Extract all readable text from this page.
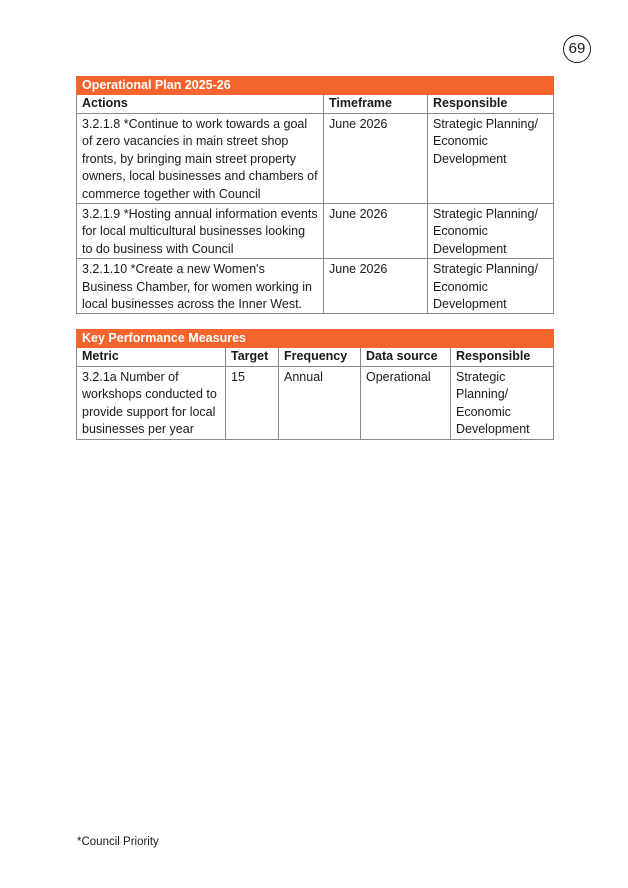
69
Operational Plan 2025-26		
Actions	Timeframe	Responsible
3.2.1.8 *Continue to work towards a goal of zero vacancies in main street shop fronts, by bringing main street property owners, local businesses and chambers of commerce together with Council	June 2026	Strategic Planning/ Economic Development
3.2.1.9 *Hosting annual information events for local multicultural businesses looking to do business with Council	June 2026	Strategic Planning/ Economic Development
3.2.1.10 *Create a new Women's Business Chamber, for women working in local businesses across the Inner West.	June 2026	Strategic Planning/ Economic Development
Key Performance Measures				
Metric	Target	Frequency	Data source	Responsible
3.2.1a Number of workshops conducted to provide support for local businesses per year	15	Annual	Operational	Strategic Planning/ Economic Development
*Council Priority
